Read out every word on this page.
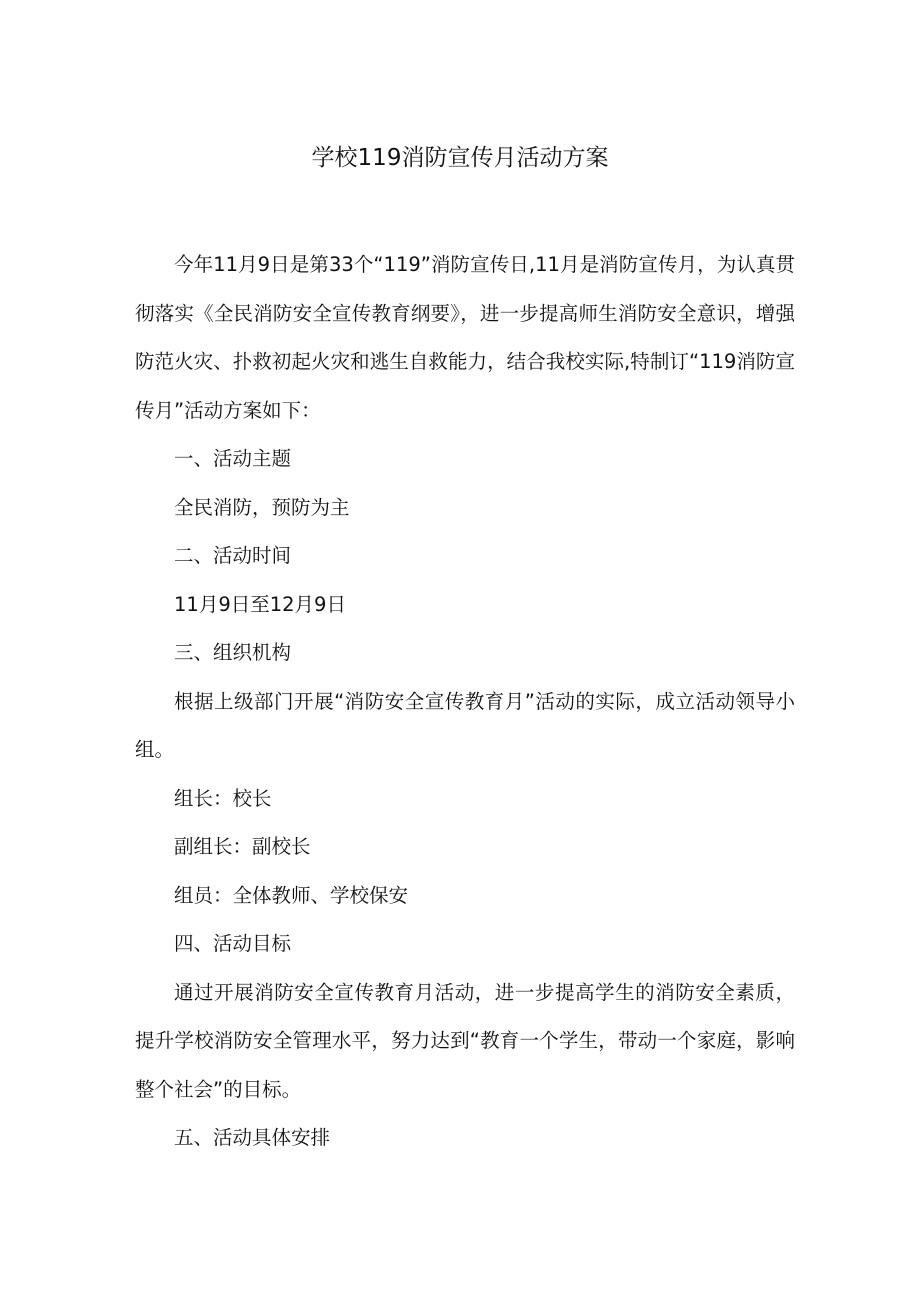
学校119消防宣传月活动方案

今年11月9日是第33个“119”消防宣传日,11月是消防宣传月，为认真贯彻落实《全民消防安全宣传教育纲要》，进一步提高师生消防安全意识，增强防范火灾、扑救初起火灾和逃生自救能力，结合我校实际,特制订“119消防宣传月”活动方案如下：

一、活动主题

全民消防，预防为主

二、活动时间

11月9日至12月9日

三、组织机构

根据上级部门开展“消防安全宣传教育月”活动的实际，成立活动领导小组。

组长：校长

副组长：副校长

组员：全体教师、学校保安

四、活动目标

通过开展消防安全宣传教育月活动，进一步提高学生的消防安全素质，提升学校消防安全管理水平，努力达到“教育一个学生，带动一个家庭，影响整个社会”的目标。

五、活动具体安排
